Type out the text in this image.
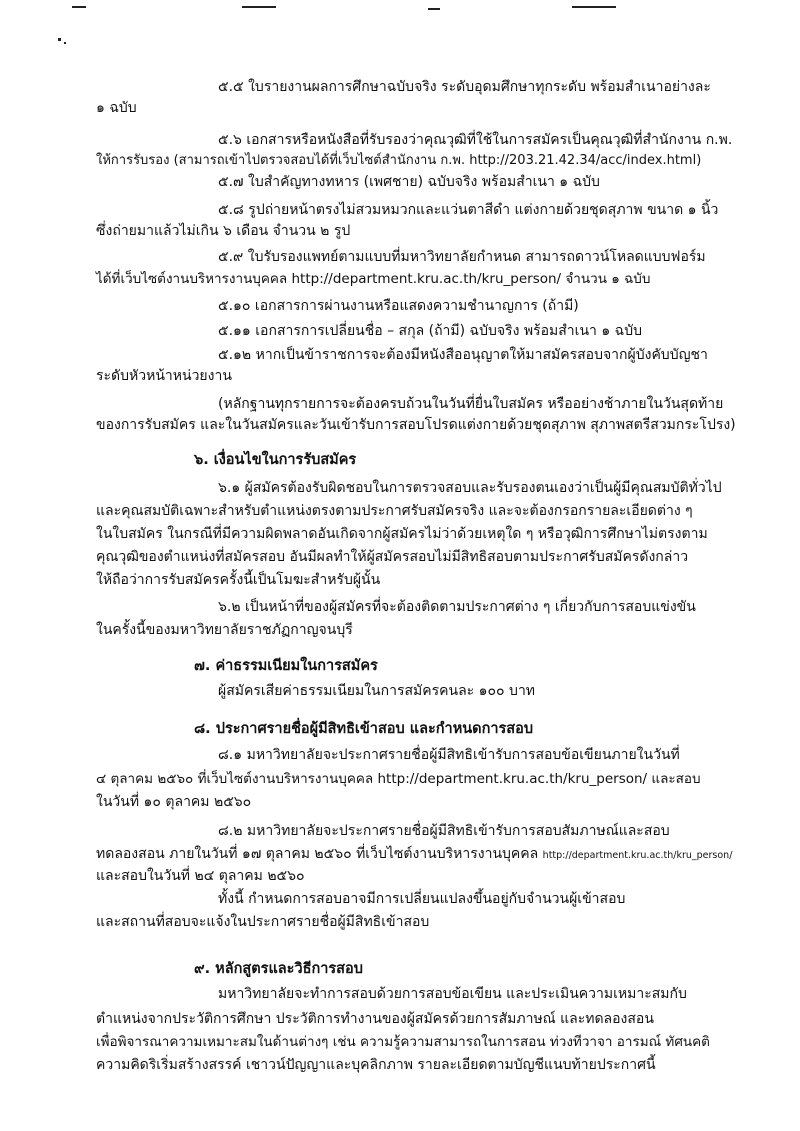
๕.๕ ใบรายงานผลการศึกษาฉบับจริง ระดับอุดมศึกษาทุกระดับ พร้อมสำเนาอย่างละ
๑ ฉบับ
๕.๖ เอกสารหรือหนังสือที่รับรองว่าคุณวุฒิที่ใช้ในการสมัครเป็นคุณวุฒิที่สำนักงาน ก.พ.
ให้การรับรอง (สามารถเข้าไปตรวจสอบได้ที่เว็บไซต์สำนักงาน ก.พ. http://203.21.42.34/acc/index.html)
๕.๗ ใบสำคัญทางทหาร (เพศชาย) ฉบับจริง พร้อมสำเนา ๑ ฉบับ
๕.๘ รูปถ่ายหน้าตรงไม่สวมหมวกและแว่นตาสีดำ แต่งกายด้วยชุดสุภาพ ขนาด ๑ นิ้ว
ซึ่งถ่ายมาแล้วไม่เกิน ๖ เดือน จำนวน ๒ รูป
๕.๙ ใบรับรองแพทย์ตามแบบที่มหาวิทยาลัยกำหนด สามารถดาวน์โหลดแบบฟอร์ม
ได้ที่เว็บไซต์งานบริหารงานบุคคล http://department.kru.ac.th/kru_person/ จำนวน ๑ ฉบับ
๕.๑๐ เอกสารการผ่านงานหรือแสดงความชำนาญการ (ถ้ามี)
๕.๑๑ เอกสารการเปลี่ยนชื่อ – สกุล (ถ้ามี) ฉบับจริง พร้อมสำเนา ๑ ฉบับ
๕.๑๒ หากเป็นข้าราชการจะต้องมีหนังสืออนุญาตให้มาสมัครสอบจากผู้บังคับบัญชา
ระดับหัวหน้าหน่วยงาน
(หลักฐานทุกรายการจะต้องครบถ้วนในวันที่ยื่นใบสมัคร หรืออย่างช้าภายในวันสุดท้าย
ของการรับสมัคร และในวันสมัครและวันเข้ารับการสอบโปรดแต่งกายด้วยชุดสุภาพ สุภาพสตรีสวมกระโปรง)
๖. เงื่อนไขในการรับสมัคร
๖.๑ ผู้สมัครต้องรับผิดชอบในการตรวจสอบและรับรองตนเองว่าเป็นผู้มีคุณสมบัติทั่วไป
และคุณสมบัติเฉพาะสำหรับตำแหน่งตรงตามประกาศรับสมัครจริง และจะต้องกรอกรายละเอียดต่าง ๆ
ในใบสมัคร ในกรณีที่มีความผิดพลาดอันเกิดจากผู้สมัครไม่ว่าด้วยเหตุใด ๆ หรือวุฒิการศึกษาไม่ตรงตาม
คุณวุฒิของตำแหน่งที่สมัครสอบ อันมีผลทำให้ผู้สมัครสอบไม่มีสิทธิสอบตามประกาศรับสมัครดังกล่าว
ให้ถือว่าการรับสมัครครั้งนี้เป็นโมฆะสำหรับผู้นั้น
๖.๒ เป็นหน้าที่ของผู้สมัครที่จะต้องติดตามประกาศต่าง ๆ เกี่ยวกับการสอบแข่งขัน
ในครั้งนี้ของมหาวิทยาลัยราชภัฏกาญจนบุรี
๗. ค่าธรรมเนียมในการสมัคร
ผู้สมัครเสียค่าธรรมเนียมในการสมัครคนละ ๑๐๐ บาท
๘. ประกาศรายชื่อผู้มีสิทธิเข้าสอบ และกำหนดการสอบ
๘.๑ มหาวิทยาลัยจะประกาศรายชื่อผู้มีสิทธิเข้ารับการสอบข้อเขียนภายในวันที่
๔ ตุลาคม ๒๕๖๐ ที่เว็บไซต์งานบริหารงานบุคคล http://department.kru.ac.th/kru_person/ และสอบ
ในวันที่ ๑๐ ตุลาคม ๒๕๖๐
๘.๒ มหาวิทยาลัยจะประกาศรายชื่อผู้มีสิทธิเข้ารับการสอบสัมภาษณ์และสอบ
ทดลองสอน ภายในวันที่ ๑๗ ตุลาคม ๒๕๖๐ ที่เว็บไซต์งานบริหารงานบุคคล http://department.kru.ac.th/kru_person/
และสอบในวันที่ ๒๔ ตุลาคม ๒๕๖๐
ทั้งนี้ กำหนดการสอบอาจมีการเปลี่ยนแปลงขึ้นอยู่กับจำนวนผู้เข้าสอบ
และสถานที่สอบจะแจ้งในประกาศรายชื่อผู้มีสิทธิเข้าสอบ
๙. หลักสูตรและวิธีการสอบ
มหาวิทยาลัยจะทำการสอบด้วยการสอบข้อเขียน และประเมินความเหมาะสมกับ
ตำแหน่งจากประวัติการศึกษา ประวัติการทำงานของผู้สมัครด้วยการสัมภาษณ์ และทดลองสอน
เพื่อพิจารณาความเหมาะสมในด้านต่างๆ เช่น ความรู้ความสามารถในการสอน ท่วงทีวาจา อารมณ์ ทัศนคติ
ความคิดริเริ่มสร้างสรรค์ เชาวน์ปัญญาและบุคลิกภาพ รายละเอียดตามบัญชีแนบท้ายประกาศนี้
